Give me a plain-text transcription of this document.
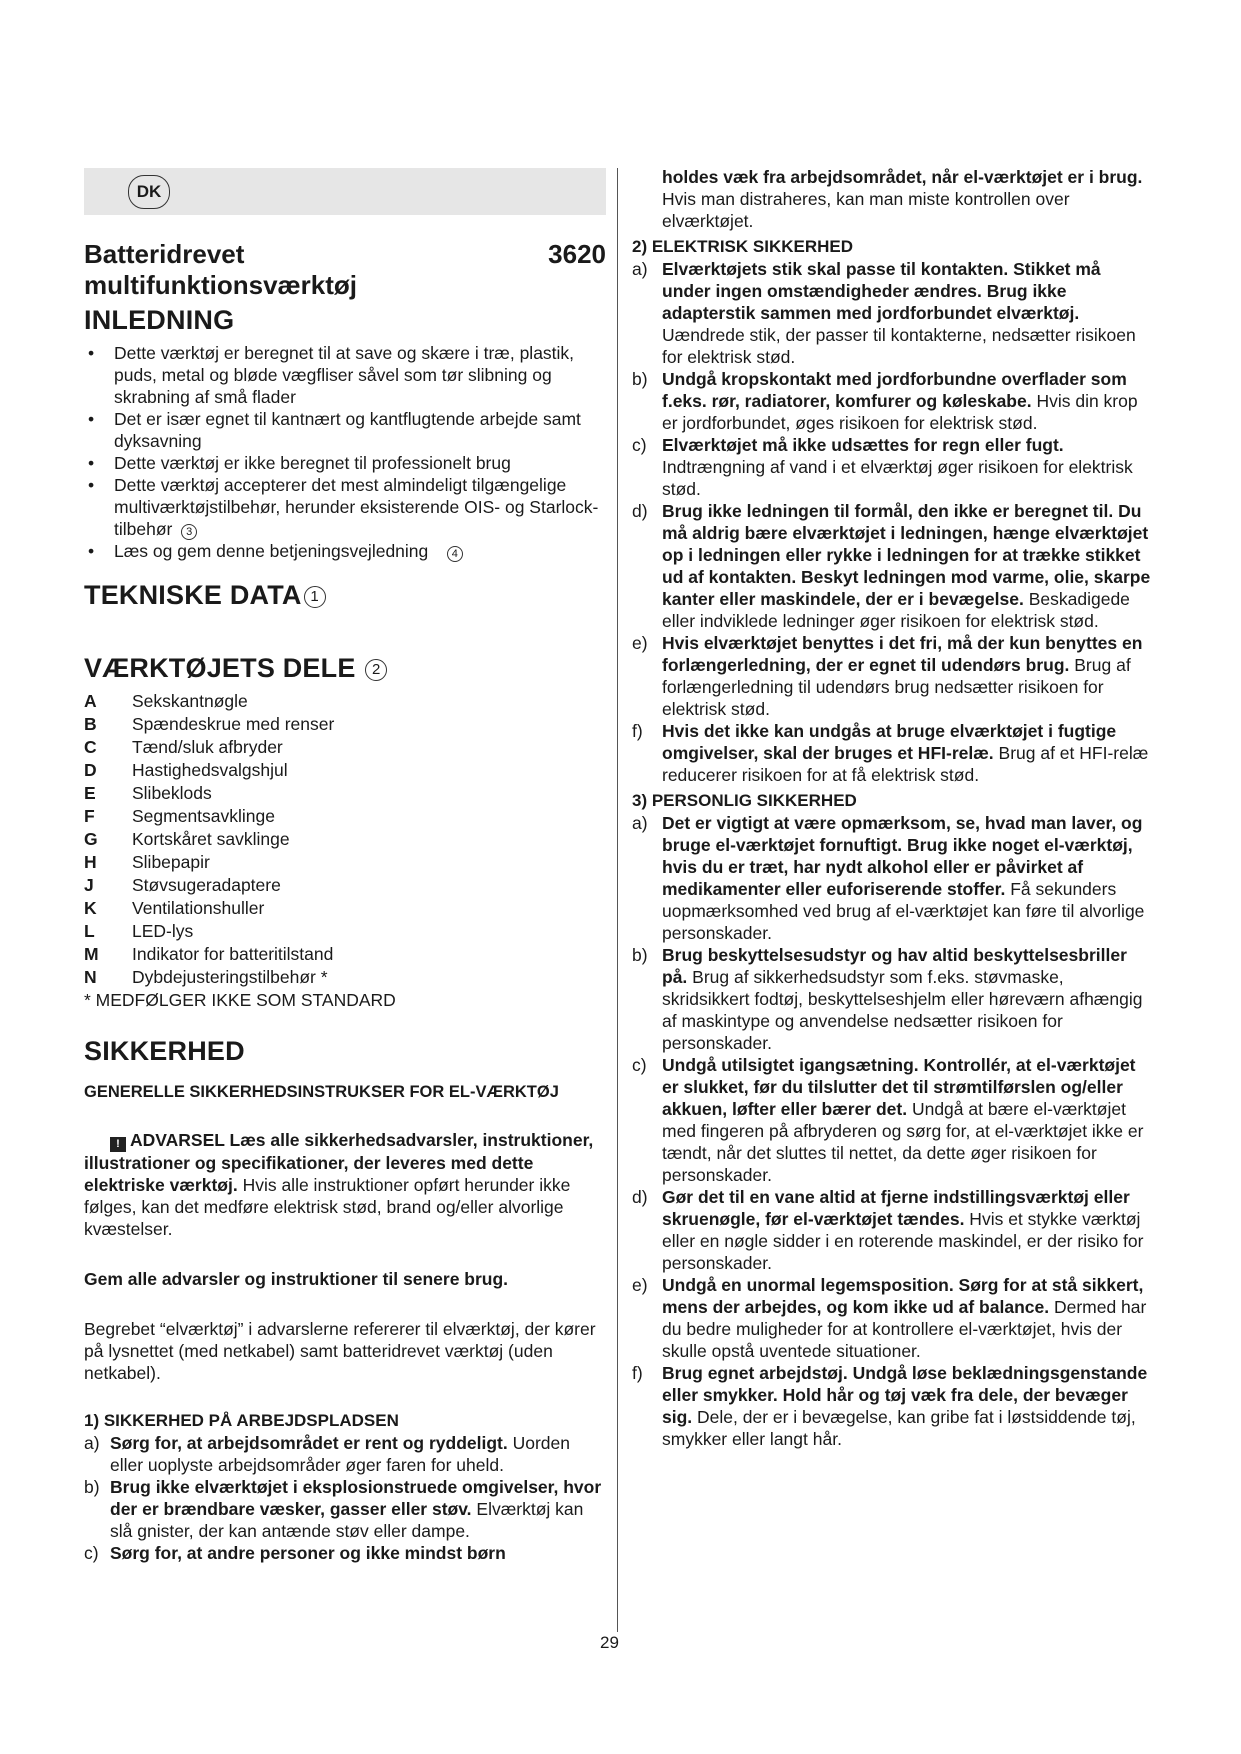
DK
Batteridrevet multifunktionsværktøj
3620
INLEDNING
• Dette værktøj er beregnet til at save og skære i træ, plastik, puds, metal og bløde vægfliser såvel som tør slibning og skrabning af små flader
• Det er især egnet til kantnært og kantflugtende arbejde samt dyksavning
• Dette værktøj er ikke beregnet til professionelt brug
• Dette værktøj accepterer det mest almindeligt tilgængelige multiværktøjstilbehør, herunder eksisterende OIS- og Starlock-tilbehør 3
• Læs og gem denne betjeningsvejledning 4
TEKNISKE DATA 1
VÆRKTØJETS DELE 2
A	Sekskantnøgle
B	Spændeskrue med renser
C	Tænd/sluk afbryder
D	Hastighedsvalgshjul
E	Slibeklods
F	Segmentsavklinge
G	Kortskåret savklinge
H	Slibepapir
J	Støvsugeradaptere
K	Ventilationshuller
L	LED-lys
M	Indikator for batteritilstand
N	Dybdejusteringstilbehør *
* MEDFØLGER IKKE SOM STANDARD
SIKKERHED
GENERELLE SIKKERHEDSINSTRUKSER FOR EL-VÆRKTØJ
! ADVARSEL Læs alle sikkerhedsadvarsler, instruktioner, illustrationer og specifikationer, der leveres med dette elektriske værktøj. Hvis alle instruktioner opført herunder ikke følges, kan det medføre elektrisk stød, brand og/eller alvorlige kvæstelser.
Gem alle advarsler og instruktioner til senere brug.
Begrebet “elværktøj” i advarslerne refererer til elværktøj, der kører på lysnettet (med netkabel) samt batteridrevet værktøj (uden netkabel).
1) SIKKERHED PÅ ARBEJDSPLADSEN
a) Sørg for, at arbejdsområdet er rent og ryddeligt. Uorden eller uoplyste arbejdsområder øger faren for uheld.
b) Brug ikke elværktøjet i eksplosionstruede omgivelser, hvor der er brændbare væsker, gasser eller støv. Elværktøj kan slå gnister, der kan antænde støv eller dampe.
c) Sørg for, at andre personer og ikke mindst børn
holdes væk fra arbejdsområdet, når el-værktøjet er i brug. Hvis man distraheres, kan man miste kontrollen over elværktøjet.
2) ELEKTRISK SIKKERHED
a) Elværktøjets stik skal passe til kontakten. Stikket må under ingen omstændigheder ændres. Brug ikke adapterstik sammen med jordforbundet elværktøj. Uændrede stik, der passer til kontakterne, nedsætter risikoen for elektrisk stød.
b) Undgå kropskontakt med jordforbundne overflader som f.eks. rør, radiatorer, komfurer og køleskabe. Hvis din krop er jordforbundet, øges risikoen for elektrisk stød.
c) Elværktøjet må ikke udsættes for regn eller fugt. Indtrængning af vand i et elværktøj øger risikoen for elektrisk stød.
d) Brug ikke ledningen til formål, den ikke er beregnet til. Du må aldrig bære elværktøjet i ledningen, hænge elværktøjet op i ledningen eller rykke i ledningen for at trække stikket ud af kontakten. Beskyt ledningen mod varme, olie, skarpe kanter eller maskindele, der er i bevægelse. Beskadigede eller indviklede ledninger øger risikoen for elektrisk stød.
e) Hvis elværktøjet benyttes i det fri, må der kun benyttes en forlængerledning, der er egnet til udendørs brug. Brug af forlængerledning til udendørs brug nedsætter risikoen for elektrisk stød.
f) Hvis det ikke kan undgås at bruge elværktøjet i fugtige omgivelser, skal der bruges et HFI-relæ. Brug af et HFI-relæ reducerer risikoen for at få elektrisk stød.
3) PERSONLIG SIKKERHED
a) Det er vigtigt at være opmærksom, se, hvad man laver, og bruge el-værktøjet fornuftigt. Brug ikke noget el-værktøj, hvis du er træt, har nydt alkohol eller er påvirket af medikamenter eller euforiserende stoffer. Få sekunders uopmærksomhed ved brug af el-værktøjet kan føre til alvorlige personskader.
b) Brug beskyttelsesudstyr og hav altid beskyttelsesbriller på. Brug af sikkerhedsudstyr som f.eks. støvmaske, skridsikkert fodtøj, beskyttelseshjelm eller høreværn afhængig af maskintype og anvendelse nedsætter risikoen for personskader.
c) Undgå utilsigtet igangsætning. Kontrollér, at el-værktøjet er slukket, før du tilslutter det til strømtilførslen og/eller akkuen, løfter eller bærer det. Undgå at bære el-værktøjet med fingeren på afbryderen og sørg for, at el-værktøjet ikke er tændt, når det sluttes til nettet, da dette øger risikoen for personskader.
d) Gør det til en vane altid at fjerne indstillingsværktøj eller skruenøgle, før el-værktøjet tændes. Hvis et stykke værktøj eller en nøgle sidder i en roterende maskindel, er der risiko for personskader.
e) Undgå en unormal legemsposition. Sørg for at stå sikkert, mens der arbejdes, og kom ikke ud af balance. Dermed har du bedre muligheder for at kontrollere el-værktøjet, hvis der skulle opstå uventede situationer.
f) Brug egnet arbejdstøj. Undgå løse beklædningsgenstande eller smykker. Hold hår og tøj væk fra dele, der bevæger sig. Dele, der er i bevægelse, kan gribe fat i løstsiddende tøj, smykker eller langt hår.
29
